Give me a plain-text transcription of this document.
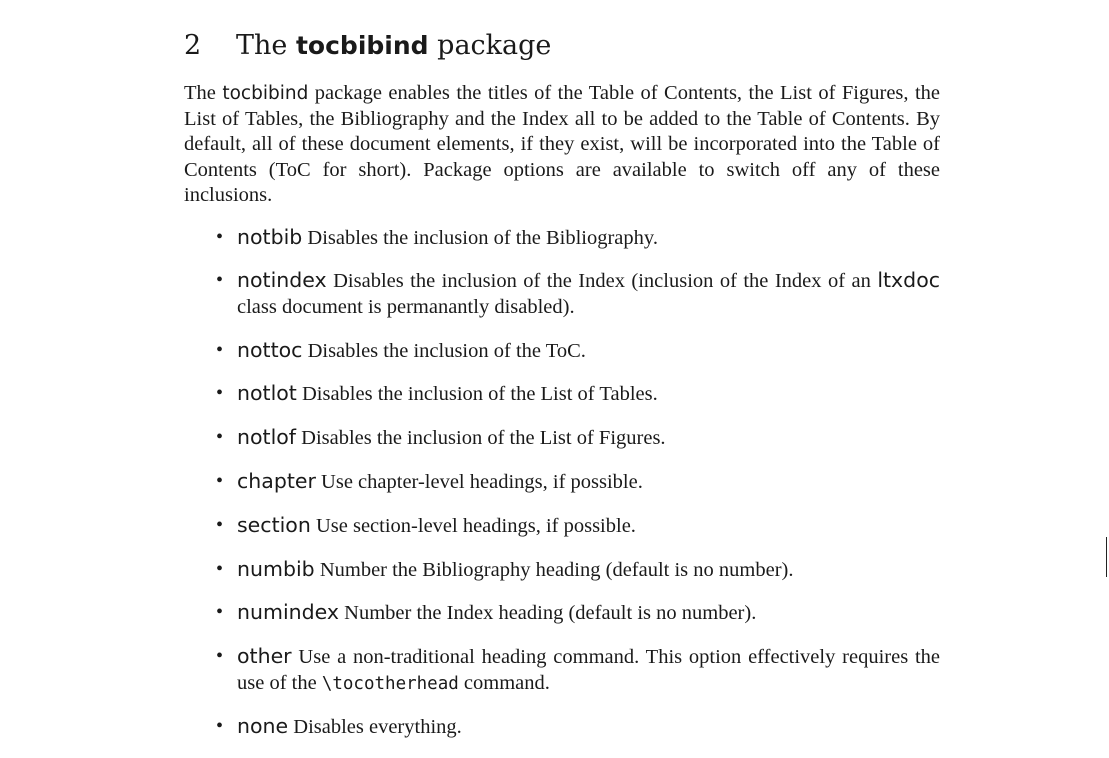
2	The tocbibind package

The tocbibind package enables the titles of the Table of Contents, the List of Figures, the List of Tables, the Bibliography and the Index all to be added to the Table of Contents. By default, all of these document elements, if they exist, will be incorporated into the Table of Contents (ToC for short). Package options are available to switch off any of these inclusions.

• notbib Disables the inclusion of the Bibliography.
• notindex Disables the inclusion of the Index (inclusion of the Index of an ltxdoc class document is permanantly disabled).
• nottoc Disables the inclusion of the ToC.
• notlot Disables the inclusion of the List of Tables.
• notlof Disables the inclusion of the List of Figures.
• chapter Use chapter-level headings, if possible.
• section Use section-level headings, if possible.
• numbib Number the Bibliography heading (default is no number).
• numindex Number the Index heading (default is no number).
• other Use a non-traditional heading command. This option effectively requires the use of the \tocotherhead command.
• none Disables everything.
